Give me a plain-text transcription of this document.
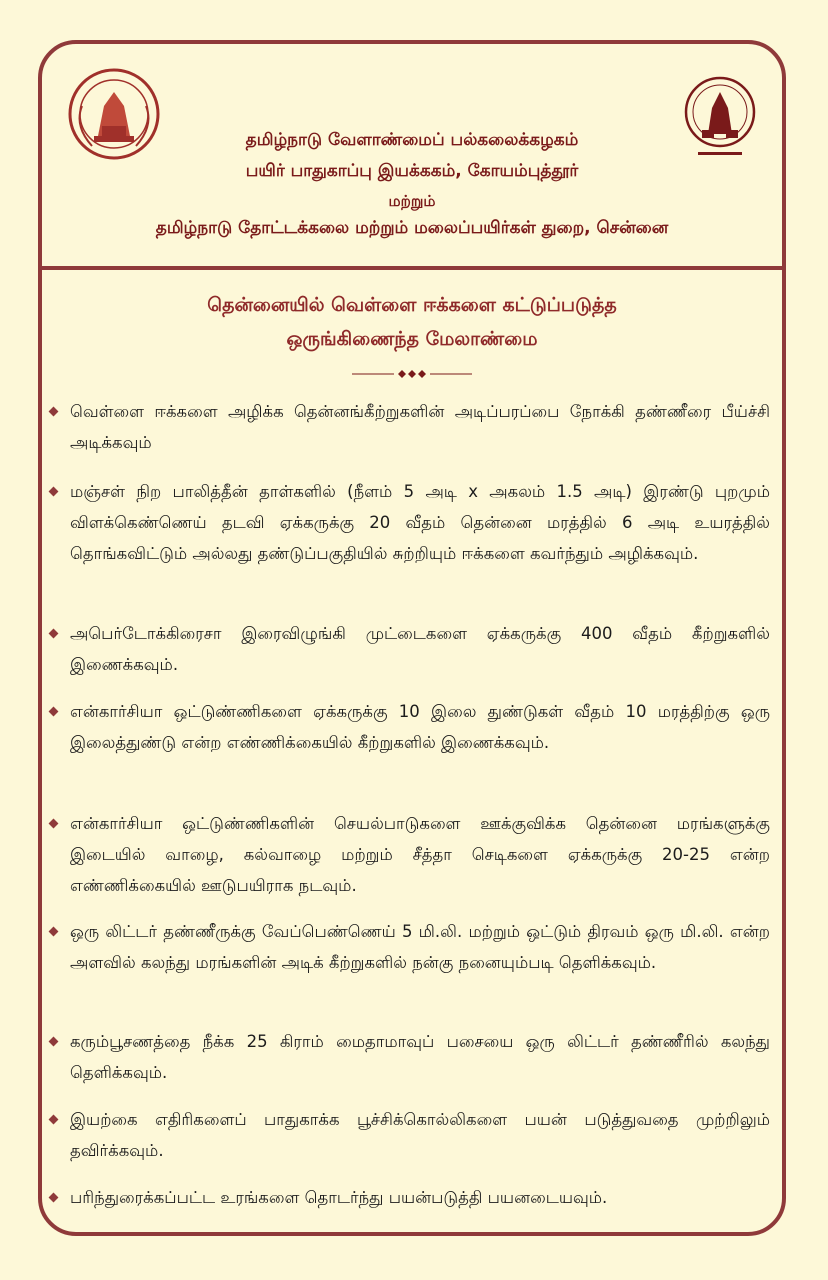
தமிழ்நாடு வேளாண்மைப் பல்கலைக்கழகம்
பயிர் பாதுகாப்பு இயக்ககம், கோயம்புத்தூர்
மற்றும்
தமிழ்நாடு தோட்டக்கலை மற்றும் மலைப்பயிர்கள் துறை, சென்னை
தென்னையில் வெள்ளை ஈக்களை கட்டுப்படுத்த
ஒருங்கிணைந்த மேலாண்மை
வெள்ளை ஈக்களை அழிக்க தென்னங்கீற்றுகளின் அடிப்பரப்பை நோக்கி தண்ணீரை பீய்ச்சி அடிக்கவும்
மஞ்சள் நிற பாலித்தீன் தாள்களில் (நீளம் 5 அடி x அகலம் 1.5 அடி) இரண்டு புறமும் விளக்கெண்ணெய் தடவி ஏக்கருக்கு 20 வீதம் தென்னை மரத்தில் 6 அடி உயரத்தில் தொங்கவிட்டும் அல்லது தண்டுப்பகுதியில் சுற்றியும் ஈக்களை கவர்ந்தும் அழிக்கவும்.
அபெர்டோக்கிரைசா இரைவிழுங்கி முட்டைகளை ஏக்கருக்கு 400 வீதம் கீற்றுகளில் இணைக்கவும்.
என்கார்சியா ஒட்டுண்ணிகளை ஏக்கருக்கு 10 இலை துண்டுகள் வீதம் 10 மரத்திற்கு ஒரு இலைத்துண்டு என்ற எண்ணிக்கையில் கீற்றுகளில் இணைக்கவும்.
என்கார்சியா ஒட்டுண்ணிகளின் செயல்பாடுகளை ஊக்குவிக்க தென்னை மரங்களுக்கு இடையில் வாழை, கல்வாழை மற்றும் சீத்தா செடிகளை ஏக்கருக்கு 20-25 என்ற எண்ணிக்கையில் ஊடுபயிராக நடவும்.
ஒரு லிட்டர் தண்ணீருக்கு வேப்பெண்ணெய் 5 மி.லி. மற்றும் ஒட்டும் திரவம் ஒரு மி.லி. என்ற அளவில் கலந்து மரங்களின் அடிக் கீற்றுகளில் நன்கு நனையும்படி தெளிக்கவும்.
கரும்பூசணத்தை நீக்க 25 கிராம் மைதாமாவுப் பசையை ஒரு லிட்டர் தண்ணீரில் கலந்து தெளிக்கவும்.
இயற்கை எதிரிகளைப் பாதுகாக்க பூச்சிக்கொல்லிகளை பயன் படுத்துவதை முற்றிலும் தவிர்க்கவும்.
பரிந்துரைக்கப்பட்ட உரங்களை தொடர்ந்து பயன்படுத்தி பயனடையவும்.
